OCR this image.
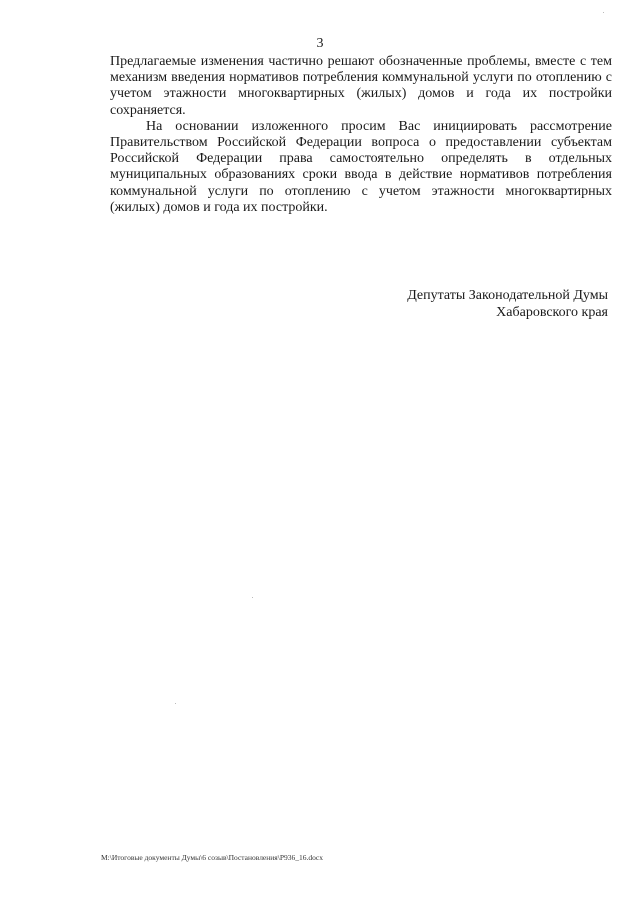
3

Предлагаемые изменения частично решают обозначенные проблемы, вместе с тем механизм введения нормативов потребления коммунальной услуги по отоплению с учетом этажности многоквартирных (жилых) домов и года их постройки сохраняется.

На основании изложенного просим Вас инициировать рассмотрение Правительством Российской Федерации вопроса о предоставлении субъектам Российской Федерации права самостоятельно определять в отдельных муниципальных образованиях сроки ввода в действие нормативов потребления коммунальной услуги по отоплению с учетом этажности многоквартирных (жилых) домов и года их постройки.

Депутаты Законодательной Думы
Хабаровского края
M:\Итоговые документы Думы\6 созыв\Постановления\P936_16.docx
